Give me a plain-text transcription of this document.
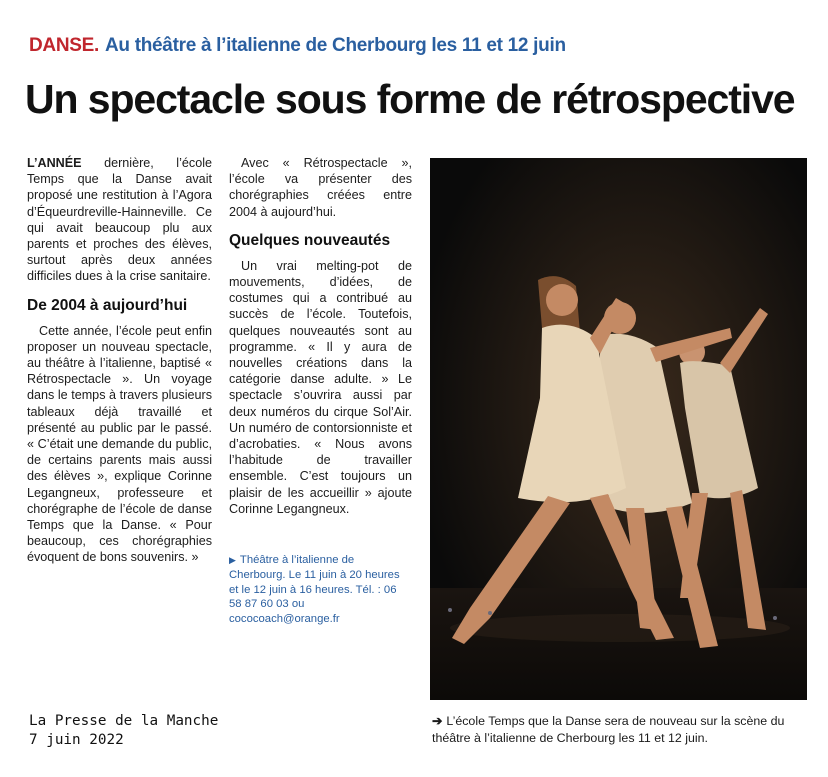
DANSE. Au théâtre à l’italienne de Cherbourg les 11 et 12 juin
Un spectacle sous forme de rétrospective

L’ANNÉE dernière, l’école Temps que la Danse avait proposé une restitution à l’Agora d’Équeurdreville-Hainneville. Ce qui avait beaucoup plu aux parents et proches des élèves, surtout après deux années difficiles dues à la crise sanitaire.

De 2004 à aujourd’hui

Cette année, l’école peut enfin proposer un nouveau spectacle, au théâtre à l’italienne, baptisé « Rétrospectacle ». Un voyage dans le temps à travers plusieurs tableaux déjà travaillé et présenté au public par le passé. « C’était une demande du public, de certains parents mais aussi des élèves », explique Corinne Legangneux, professeure et chorégraphe de l’école de danse Temps que la Danse. « Pour beaucoup, ces chorégraphies évoquent de bons souvenirs. »

Avec « Rétrospectacle », l’école va présenter des chorégraphies créées entre 2004 à aujourd’hui.

Quelques nouveautés

Un vrai melting-pot de mouvements, d’idées, de costumes qui a contribué au succès de l’école. Toutefois, quelques nouveautés sont au programme. « Il y aura de nouvelles créations dans la catégorie danse adulte. » Le spectacle s’ouvrira aussi par deux numéros du cirque Sol’Air. Un numéro de contorsionniste et d’acrobaties. « Nous avons l’habitude de travailler ensemble. C’est toujours un plaisir de les accueillir » ajoute Corinne Legangneux.

▶ Théâtre à l’italienne de Cherbourg. Le 11 juin à 20 heures et le 12 juin à 16 heures. Tél. : 06 58 87 60 03 ou cococoach@orange.fr
La Presse de la Manche
7 juin 2022
➔ L’école Temps que la Danse sera de nouveau sur la scène du théâtre à l’italienne de Cherbourg les 11 et 12 juin.
